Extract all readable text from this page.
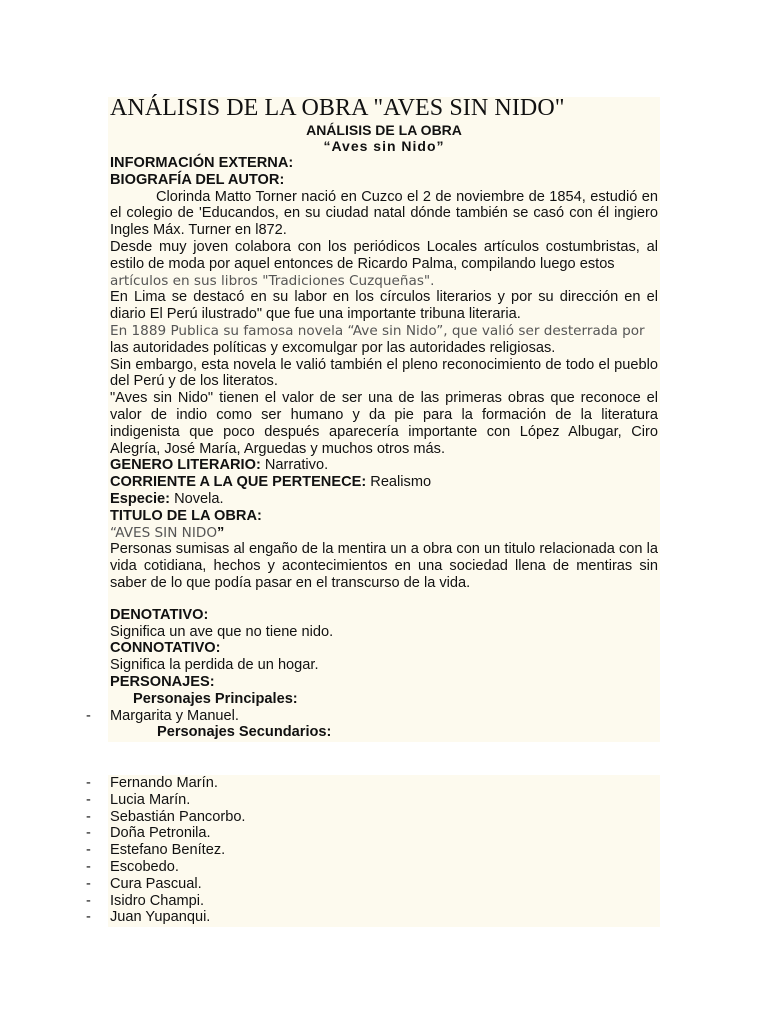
ANÁLISIS DE LA OBRA "AVES SIN NIDO"
ANÁLISIS DE LA OBRA
“Aves sin Nido”

INFORMACIÓN EXTERNA:

BIOGRAFÍA DEL AUTOR:

Clorinda Matto Torner nació en Cuzco el 2 de noviembre de 1854, estudió en el colegio de 'Educandos, en su ciudad natal dónde también se casó con él ingiero Ingles Máx. Turner en l872.

Desde muy joven colabora con los periódicos Locales artículos costumbristas, al estilo de moda por aquel entonces de Ricardo Palma, compilando luego estos

artículos en sus libros "Tradiciones Cuzqueñas".

En Lima se destacó en su labor en los círculos literarios y por su dirección en el diario El Perú ilustrado" que fue una importante tribuna literaria.

En 1889 Publica su famosa novela “Ave sin Nido”, que valió ser desterrada por

las autoridades políticas y excomulgar por las autoridades religiosas.

Sin embargo, esta novela le valió también el pleno reconocimiento de todo el pueblo del Perú y de los literatos.

"Aves sin Nido" tienen el valor de ser una de las primeras obras que reconoce el valor de indio como ser humano y da pie para la formación de la literatura indigenista que poco después aparecería importante con López Albugar, Ciro Alegría, José María, Arguedas y muchos otros más.

GENERO LITERARIO: Narrativo.

CORRIENTE A LA QUE PERTENECE: Realismo

Especie: Novela.

TITULO DE LA OBRA:

“AVES SIN NIDO”

Personas sumisas al engaño de la mentira un a obra con un titulo relacionada con la vida cotidiana, hechos y acontecimientos en una sociedad llena de mentiras sin saber de lo que podía pasar en el transcurso de la vida.

DENOTATIVO:

Significa un ave que no tiene nido.

CONNOTATIVO:

Significa la perdida de un hogar.

PERSONAJES:

Personajes Principales:

- Margarita y Manuel.

Personajes Secundarios:

- Fernando Marín.
- Lucia Marín.
- Sebastián Pancorbo.
- Doña Petronila.
- Estefano Benítez.
- Escobedo.
- Cura Pascual.
- Isidro Champi.
- Juan Yupanqui.
